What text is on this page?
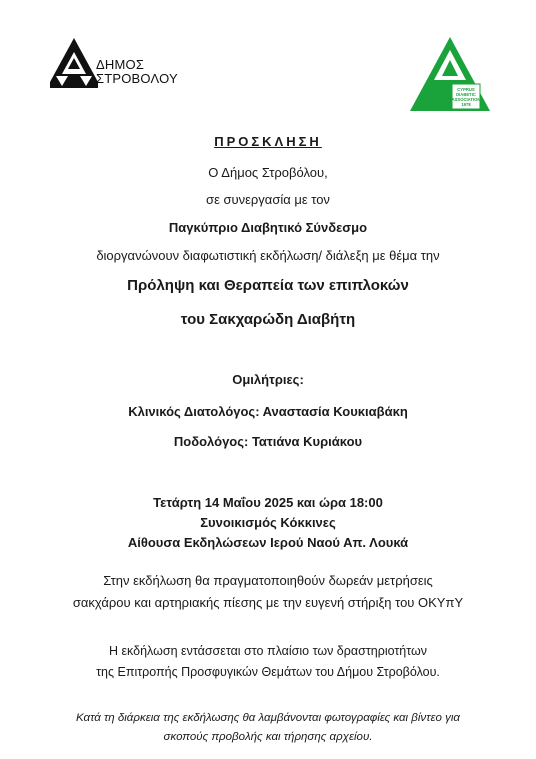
ΔΗΜΟΣ
ΣΤΡΟΒΟΛΟΥ
CYPRUS
DIABETIC
ASSOCIATION
1978
ΠΡΟΣΚΛΗΣΗ
Ο Δήμος Στροβόλου,
σε συνεργασία με τον
Παγκύπριο Διαβητικό Σύνδεσμο
διοργανώνουν διαφωτιστική εκδήλωση/ διάλεξη με θέμα την
Πρόληψη και Θεραπεία των επιπλοκών
του Σακχαρώδη Διαβήτη
Ομιλήτριες:
Κλινικός Διατολόγος: Αναστασία Κουκιαβάκη
Ποδολόγος: Τατιάνα Κυριάκου
Τετάρτη 14 Μαΐου 2025 και ώρα 18:00
Συνοικισμός Κόκκινες
Αίθουσα Εκδηλώσεων Ιερού Ναού Απ. Λουκά
Στην εκδήλωση θα πραγματοποιηθούν δωρεάν μετρήσεις
σακχάρου και αρτηριακής πίεσης με την ευγενή στήριξη του ΟΚΥπΥ
Η εκδήλωση εντάσσεται στο πλαίσιο των δραστηριοτήτων
της Επιτροπής Προσφυγικών Θεμάτων του Δήμου Στροβόλου.
Κατά τη διάρκεια της εκδήλωσης θα λαμβάνονται φωτογραφίες και βίντεο για
σκοπούς προβολής και τήρησης αρχείου.
